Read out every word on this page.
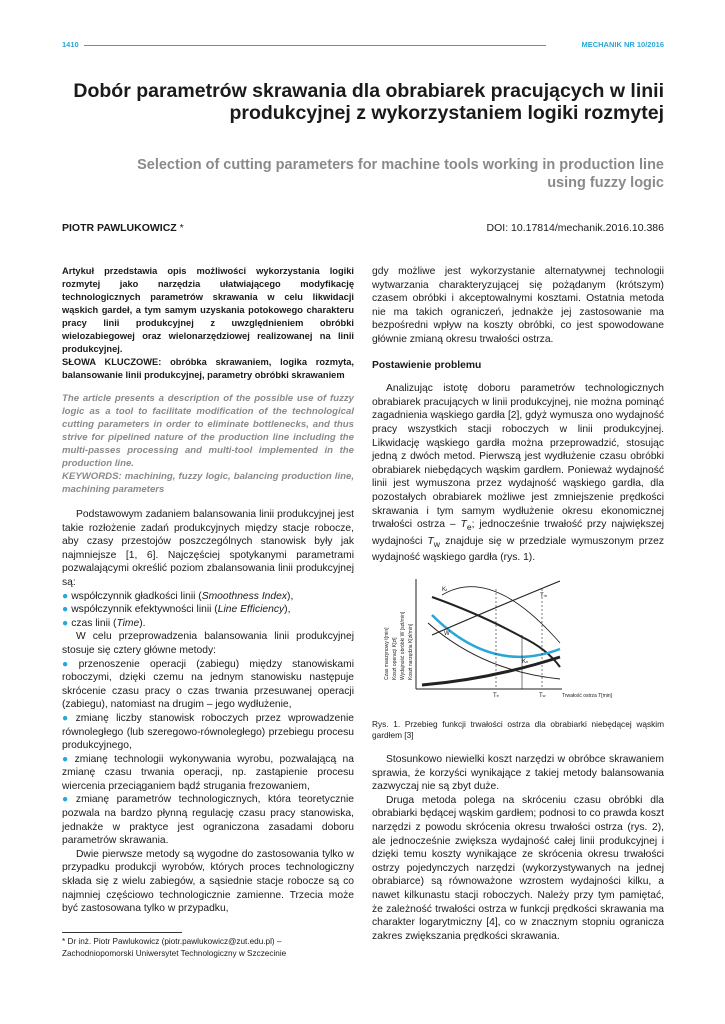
1410	MECHANIK NR 10/2016
Dobór parametrów skrawania dla obrabiarek pracujących w linii produkcyjnej z wykorzystaniem logiki rozmytej
Selection of cutting parameters for machine tools working in production line using fuzzy logic
PIOTR PAWLUKOWICZ *	DOI: 10.17814/mechanik.2016.10.386
Artykuł przedstawia opis możliwości wykorzystania logiki rozmytej jako narzędzia ułatwiającego modyfikację technologicznych parametrów skrawania w celu likwidacji wąskich gardeł, a tym samym uzyskania potokowego charakteru pracy linii produkcyjnej z uwzględnieniem obróbki wielozabiegowej oraz wielonarzędziowej realizowanej na linii produkcyjnej.
SŁOWA KLUCZOWE: obróbka skrawaniem, logika rozmyta, balansowanie linii produkcyjnej, parametry obróbki skrawaniem
The article presents a description of the possible use of fuzzy logic as a tool to facilitate modification of the technological cutting parameters in order to eliminate bottlenecks, and thus strive for pipelined nature of the production line including the multi-passes processing and multi-tool implemented in the production line.
KEYWORDS: machining, fuzzy logic, balancing production line, machining parameters
Podstawowym zadaniem balansowania linii produkcyjnej jest takie rozłożenie zadań produkcyjnych między stacje robocze, aby czasy przestojów poszczególnych stanowisk były jak najmniejsze [1, 6]. Najczęściej spotykanymi parametrami pozwalającymi określić poziom zbalansowania linii produkcyjnej są:
● współczynnik gładkości linii (Smoothness Index),
● współczynnik efektywności linii (Line Efficiency),
● czas linii (Time).
W celu przeprowadzenia balansowania linii produkcyjnej stosuje się cztery główne metody:
● przenoszenie operacji (zabiegu) między stanowiskami roboczymi, dzięki czemu na jednym stanowisku następuje skrócenie czasu pracy o czas trwania przesuwanej operacji (zabiegu), natomiast na drugim – jego wydłużenie,
● zmianę liczby stanowisk roboczych przez wprowadzenie równoległego (lub szeregowo-równoległego) przebiegu procesu produkcyjnego,
● zmianę technologii wykonywania wyrobu, pozwalającą na zmianę czasu trwania operacji, np. zastąpienie procesu wiercenia przeciąganiem bądź strugania frezowaniem,
● zmianę parametrów technologicznych, która teoretycznie pozwala na bardzo płynną regulację czasu pracy stanowiska, jednakże w praktyce jest ograniczona zasadami doboru parametrów skrawania.
Dwie pierwsze metody są wygodne do zastosowania tylko w przypadku produkcji wyrobów, których proces technologiczny składa się z wielu zabiegów, a sąsiednie stacje robocze są co najmniej częściowo technologicznie zamienne. Trzecia może być zastosowana tylko w przypadku,
gdy możliwe jest wykorzystanie alternatywnej technologii wytwarzania charakteryzującej się pożądanym (krótszym) czasem obróbki i akceptowalnymi kosztami. Ostatnia metoda nie ma takich ograniczeń, jednakże jej zastosowanie ma bezpośredni wpływ na koszty obróbki, co jest spowodowane głównie zmianą okresu trwałości ostrza.
Postawienie problemu
Analizując istotę doboru parametrów technologicznych obrabiarek pracujących w linii produkcyjnej, nie można pominąć zagadnienia wąskiego gardła [2], gdyż wymusza ono wydajność pracy wszystkich stacji roboczych w linii produkcyjnej. Likwidację wąskiego gardła można przeprowadzić, stosując jedną z dwóch metod. Pierwszą jest wydłużenie czasu obróbki obrabiarek niebędących wąskim gardłem. Ponieważ wydajność linii jest wymuszona przez wydajność wąskiego gardła, dla pozostałych obrabiarek możliwe jest zmniejszenie prędkości skrawania i tym samym wydłużenie okresu ekonomicznej trwałości ostrza – $T_e$; jednocześnie trwałość przy największej wydajności $T_w$ znajduje się w przedziale wymuszonym przez wydajność wąskiego gardła (rys. 1).
Czas maszynowy t[min]
Koszt operacji K[zł] Wydajność obróbki W [szt/min] Koszt narzędzia K[zł/min]
Kt
Tm
W
Kn
Te	Tw	Trwałość ostrza T[min]
Rys. 1. Przebieg funkcji trwałości ostrza dla obrabiarki niebędącej wąskim gardłem [3]
Stosunkowo niewielki koszt narzędzi w obróbce skrawaniem sprawia, że korzyści wynikające z takiej metody balansowania zazwyczaj nie są zbyt duże.
Druga metoda polega na skróceniu czasu obróbki dla obrabiarki będącej wąskim gardłem; podnosi to co prawda koszt narzędzi z powodu skrócenia okresu trwałości ostrza (rys. 2), ale jednocześnie zwiększa wydajność całej linii produkcyjnej i dzięki temu koszty wynikające ze skrócenia okresu trwałości ostrzy pojedynczych narzędzi (wykorzystywanych na jednej obrabiarce) są równoważone wzrostem wydajności kilku, a nawet kilkunastu stacji roboczych. Należy przy tym pamiętać, że zależność trwałości ostrza w funkcji prędkości skrawania ma charakter logarytmiczny [4], co w znacznym stopniu ogranicza zakres zwiększania prędkości skrawania.
* Dr inż. Piotr Pawlukowicz (piotr.pawlukowicz@zut.edu.pl) – Zachodniopomorski Uniwersytet Technologiczny w Szczecinie
